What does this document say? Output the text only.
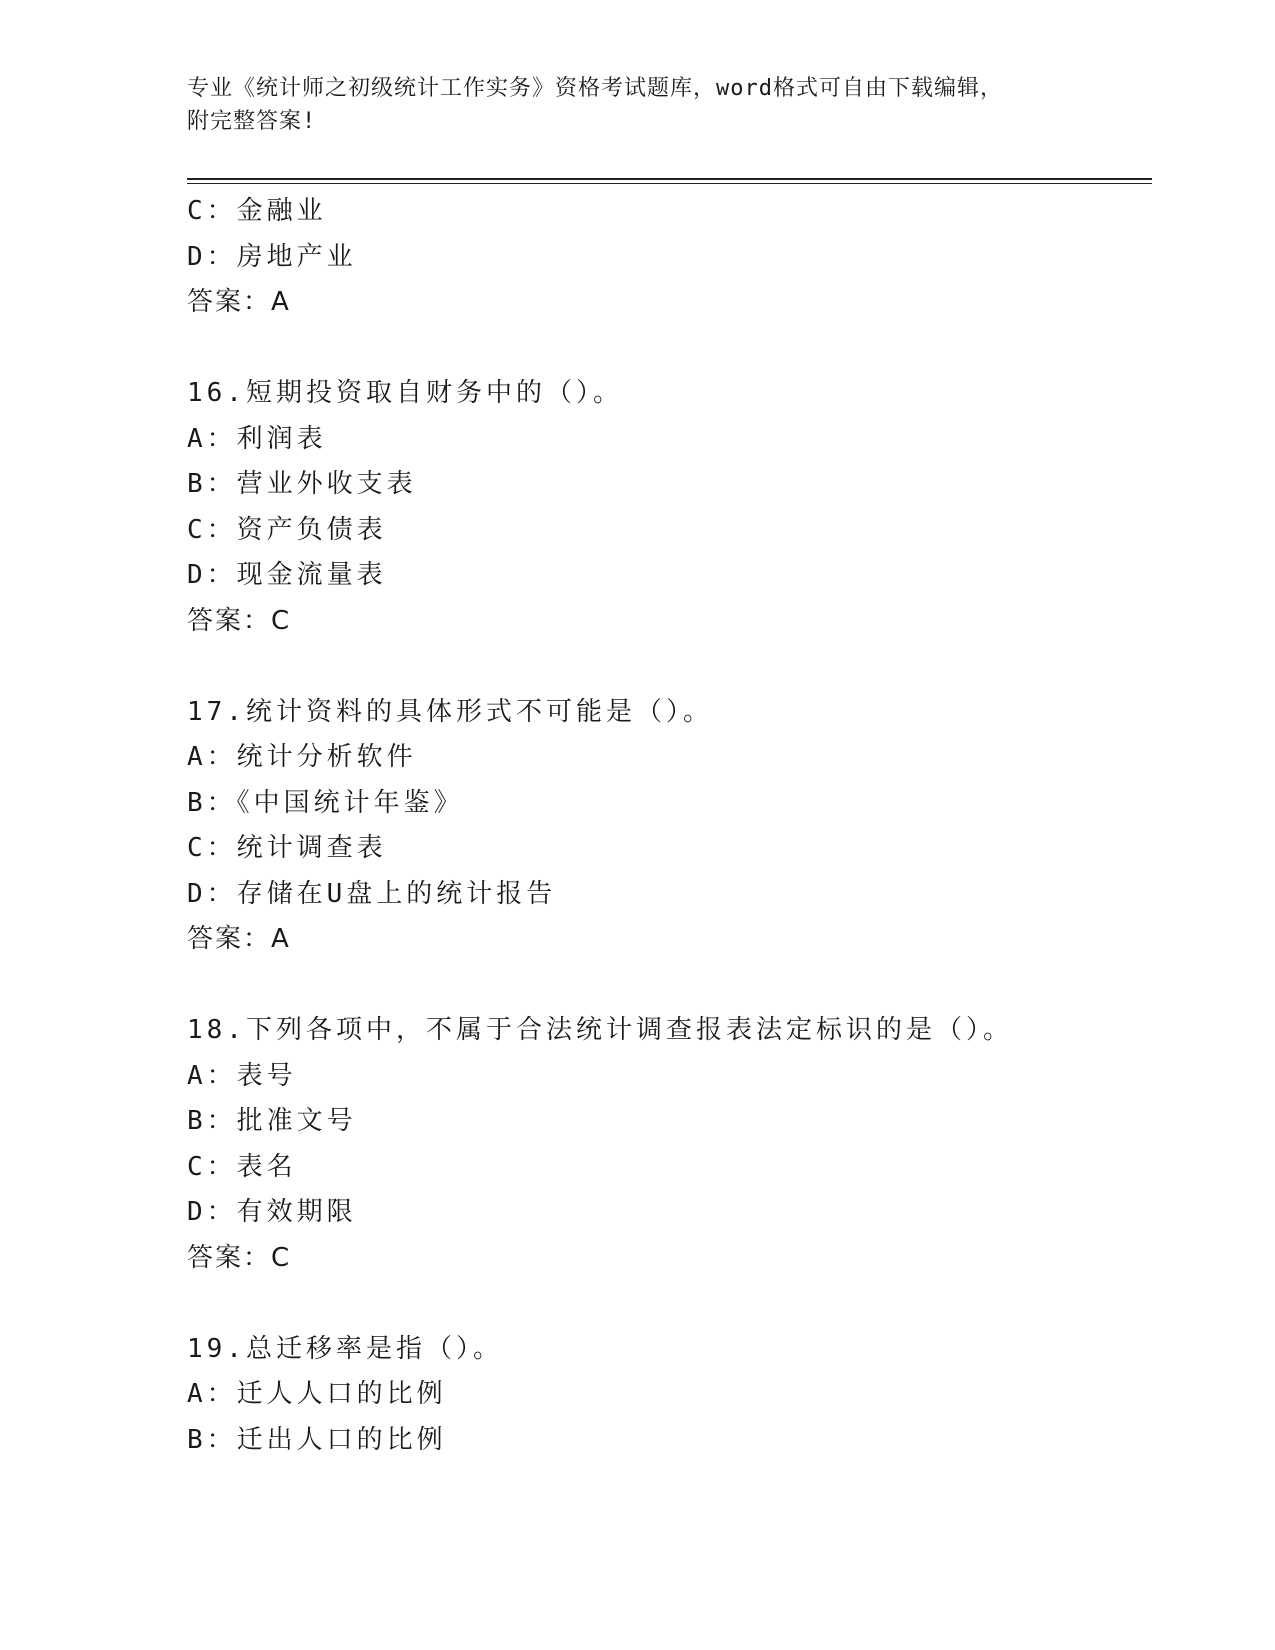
专业《统计师之初级统计工作实务》资格考试题库，word格式可自由下载编辑，
附完整答案!
C：金融业
D：房地产业
答案：A
16.短期投资取自财务中的（）。
A：利润表
B：营业外收支表
C：资产负债表
D：现金流量表
答案：C
17.统计资料的具体形式不可能是（）。
A：统计分析软件
B：《中国统计年鉴》
C：统计调查表
D：存储在U盘上的统计报告
答案：A
18.下列各项中，不属于合法统计调查报表法定标识的是（）。
A：表号
B：批准文号
C：表名
D：有效期限
答案：C
19.总迁移率是指（）。
A：迁人人口的比例
B：迁出人口的比例
